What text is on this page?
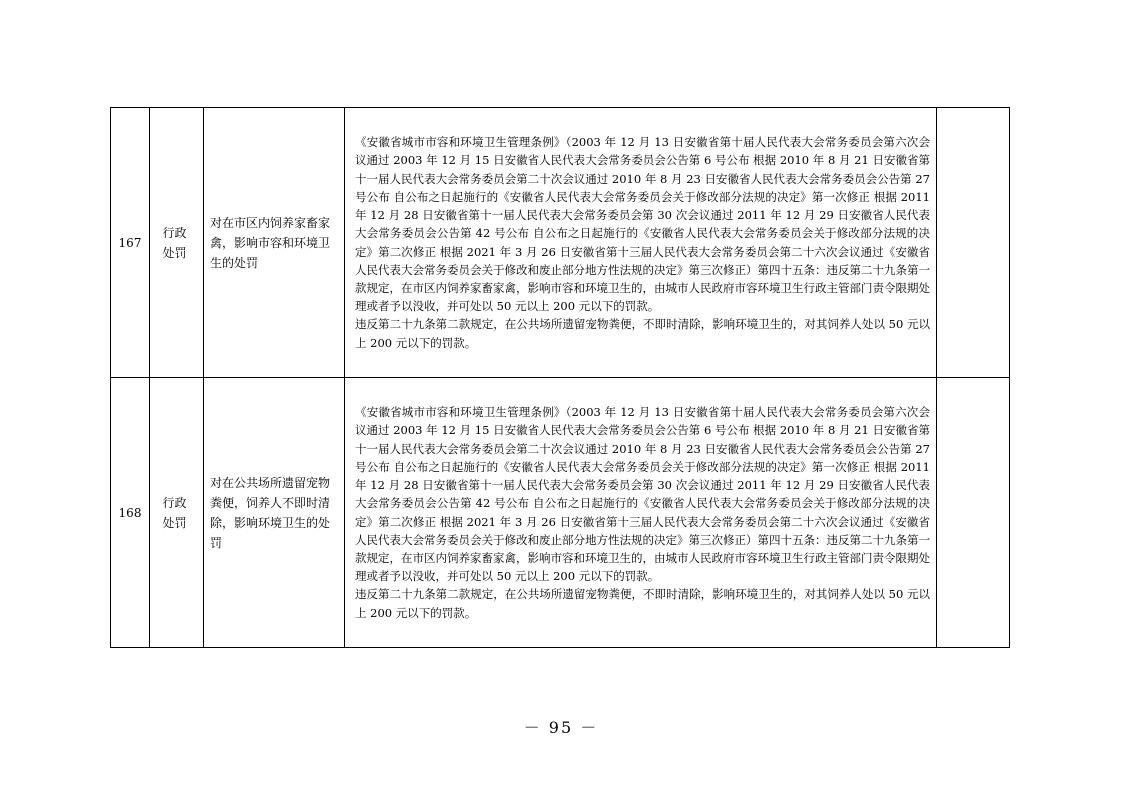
167	行政处罚	对在市区内饲养家畜家禽，影响市容和环境卫生的处罚	《安徽省城市市容和环境卫生管理条例》（2003 年 12 月 13 日安徽省第十届人民代表大会常务委员会第六次会议通过 2003 年 12 月 15 日安徽省人民代表大会常务委员会公告第 6 号公布 根据 2010 年 8 月 21 日安徽省第十一届人民代表大会常务委员会第二十次会议通过 2010 年 8 月 23 日安徽省人民代表大会常务委员会公告第 27 号公布 自公布之日起施行的《安徽省人民代表大会常务委员会关于修改部分法规的决定》第一次修正 根据 2011 年 12 月 28 日安徽省第十一届人民代表大会常务委员会第 30 次会议通过 2011 年 12 月 29 日安徽省人民代表大会常务委员会公告第 42 号公布 自公布之日起施行的《安徽省人民代表大会常务委员会关于修改部分法规的决定》第二次修正 根据 2021 年 3 月 26 日安徽省第十三届人民代表大会常务委员会第二十六次会议通过《安徽省人民代表大会常务委员会关于修改和废止部分地方性法规的决定》第三次修正）第四十五条：违反第二十九条第一款规定，在市区内饲养家畜家禽，影响市容和环境卫生的，由城市人民政府市容环境卫生行政主管部门责令限期处理或者予以没收，并可处以 50 元以上 200 元以下的罚款。

违反第二十九条第二款规定，在公共场所遗留宠物粪便，不即时清除，影响环境卫生的，对其饲养人处以 50 元以上 200 元以下的罚款。	

168	行政处罚	对在公共场所遗留宠物粪便，饲养人不即时清除，影响环境卫生的处罚	《安徽省城市市容和环境卫生管理条例》（2003 年 12 月 13 日安徽省第十届人民代表大会常务委员会第六次会议通过 2003 年 12 月 15 日安徽省人民代表大会常务委员会公告第 6 号公布 根据 2010 年 8 月 21 日安徽省第十一届人民代表大会常务委员会第二十次会议通过 2010 年 8 月 23 日安徽省人民代表大会常务委员会公告第 27 号公布 自公布之日起施行的《安徽省人民代表大会常务委员会关于修改部分法规的决定》第一次修正 根据 2011 年 12 月 28 日安徽省第十一届人民代表大会常务委员会第 30 次会议通过 2011 年 12 月 29 日安徽省人民代表大会常务委员会公告第 42 号公布 自公布之日起施行的《安徽省人民代表大会常务委员会关于修改部分法规的决定》第二次修正 根据 2021 年 3 月 26 日安徽省第十三届人民代表大会常务委员会第二十六次会议通过《安徽省人民代表大会常务委员会关于修改和废止部分地方性法规的决定》第三次修正）第四十五条：违反第二十九条第一款规定，在市区内饲养家畜家禽，影响市容和环境卫生的，由城市人民政府市容环境卫生行政主管部门责令限期处理或者予以没收，并可处以 50 元以上 200 元以下的罚款。

违反第二十九条第二款规定，在公共场所遗留宠物粪便，不即时清除，影响环境卫生的，对其饲养人处以 50 元以上 200 元以下的罚款。	

－ 95 －
